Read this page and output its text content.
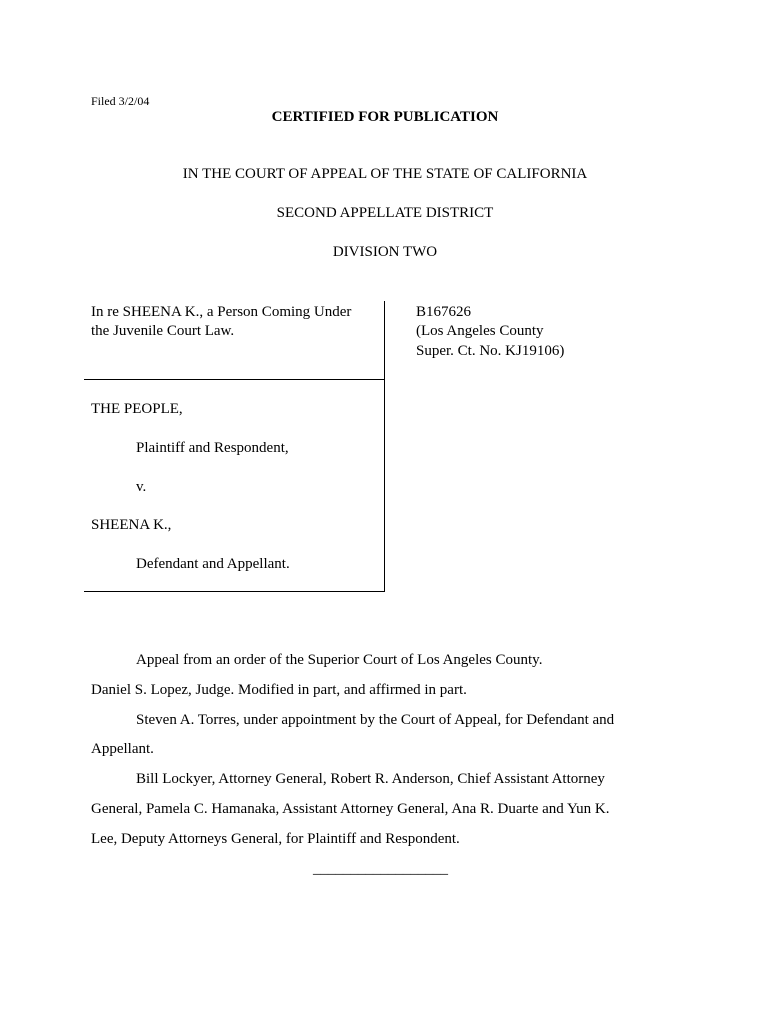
Filed 3/2/04
CERTIFIED FOR PUBLICATION
IN THE COURT OF APPEAL OF THE STATE OF CALIFORNIA
SECOND APPELLATE DISTRICT
DIVISION TWO
In re SHEENA K., a Person Coming Under
the Juvenile Court Law.
B167626
(Los Angeles County
Super. Ct. No. KJ19106)
THE PEOPLE,
Plaintiff and Respondent,
v.
SHEENA K.,
Defendant and Appellant.
Appeal from an order of the Superior Court of Los Angeles County.
Daniel S. Lopez, Judge. Modified in part, and affirmed in part.
Steven A. Torres, under appointment by the Court of Appeal, for Defendant and
Appellant.
Bill Lockyer, Attorney General, Robert R. Anderson, Chief Assistant Attorney
General, Pamela C. Hamanaka, Assistant Attorney General, Ana R. Duarte and Yun K.
Lee, Deputy Attorneys General, for Plaintiff and Respondent.
__________________
